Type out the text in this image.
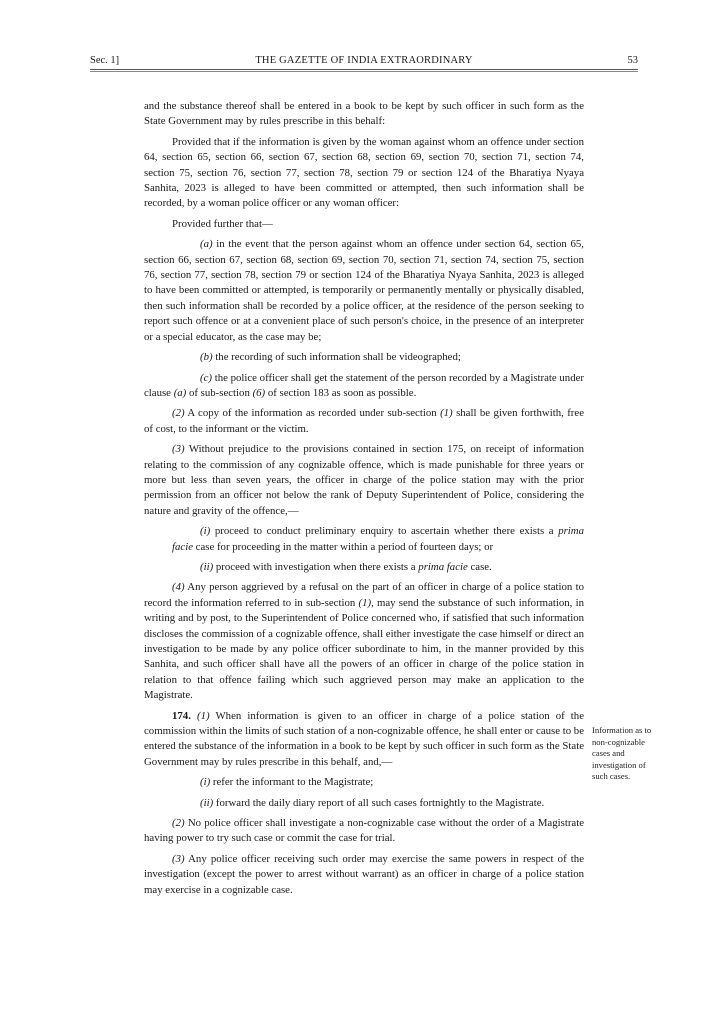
Sec. 1]	THE GAZETTE OF INDIA EXTRAORDINARY	53

and the substance thereof shall be entered in a book to be kept by such officer in such form as the State Government may by rules prescribe in this behalf:

Provided that if the information is given by the woman against whom an offence under section 64, section 65, section 66, section 67, section 68, section 69, section 70, section 71, section 74, section 75, section 76, section 77, section 78, section 79 or section 124 of the Bharatiya Nyaya Sanhita, 2023 is alleged to have been committed or attempted, then such information shall be recorded, by a woman police officer or any woman officer:

Provided further that—

(a) in the event that the person against whom an offence under section 64, section 65, section 66, section 67, section 68, section 69, section 70, section 71, section 74, section 75, section 76, section 77, section 78, section 79 or section 124 of the Bharatiya Nyaya Sanhita, 2023 is alleged to have been committed or attempted, is temporarily or permanently mentally or physically disabled, then such information shall be recorded by a police officer, at the residence of the person seeking to report such offence or at a convenient place of such person's choice, in the presence of an interpreter or a special educator, as the case may be;

(b) the recording of such information shall be videographed;

(c) the police officer shall get the statement of the person recorded by a Magistrate under clause (a) of sub-section (6) of section 183 as soon as possible.

(2) A copy of the information as recorded under sub-section (1) shall be given forthwith, free of cost, to the informant or the victim.

(3) Without prejudice to the provisions contained in section 175, on receipt of information relating to the commission of any cognizable offence, which is made punishable for three years or more but less than seven years, the officer in charge of the police station may with the prior permission from an officer not below the rank of Deputy Superintendent of Police, considering the nature and gravity of the offence,—

(i) proceed to conduct preliminary enquiry to ascertain whether there exists a prima facie case for proceeding in the matter within a period of fourteen days; or

(ii) proceed with investigation when there exists a prima facie case.

(4) Any person aggrieved by a refusal on the part of an officer in charge of a police station to record the information referred to in sub-section (1), may send the substance of such information, in writing and by post, to the Superintendent of Police concerned who, if satisfied that such information discloses the commission of a cognizable offence, shall either investigate the case himself or direct an investigation to be made by any police officer subordinate to him, in the manner provided by this Sanhita, and such officer shall have all the powers of an officer in charge of the police station in relation to that offence failing which such aggrieved person may make an application to the Magistrate.

174. (1) When information is given to an officer in charge of a police station of the commission within the limits of such station of a non-cognizable offence, he shall enter or cause to be entered the substance of the information in a book to be kept by such officer in such form as the State Government may by rules prescribe in this behalf, and,—

(i) refer the informant to the Magistrate;

(ii) forward the daily diary report of all such cases fortnightly to the Magistrate.

(2) No police officer shall investigate a non-cognizable case without the order of a Magistrate having power to try such case or commit the case for trial.

(3) Any police officer receiving such order may exercise the same powers in respect of the investigation (except the power to arrest without warrant) as an officer in charge of a police station may exercise in a cognizable case.

Information as to non-cognizable cases and investigation of such cases.
